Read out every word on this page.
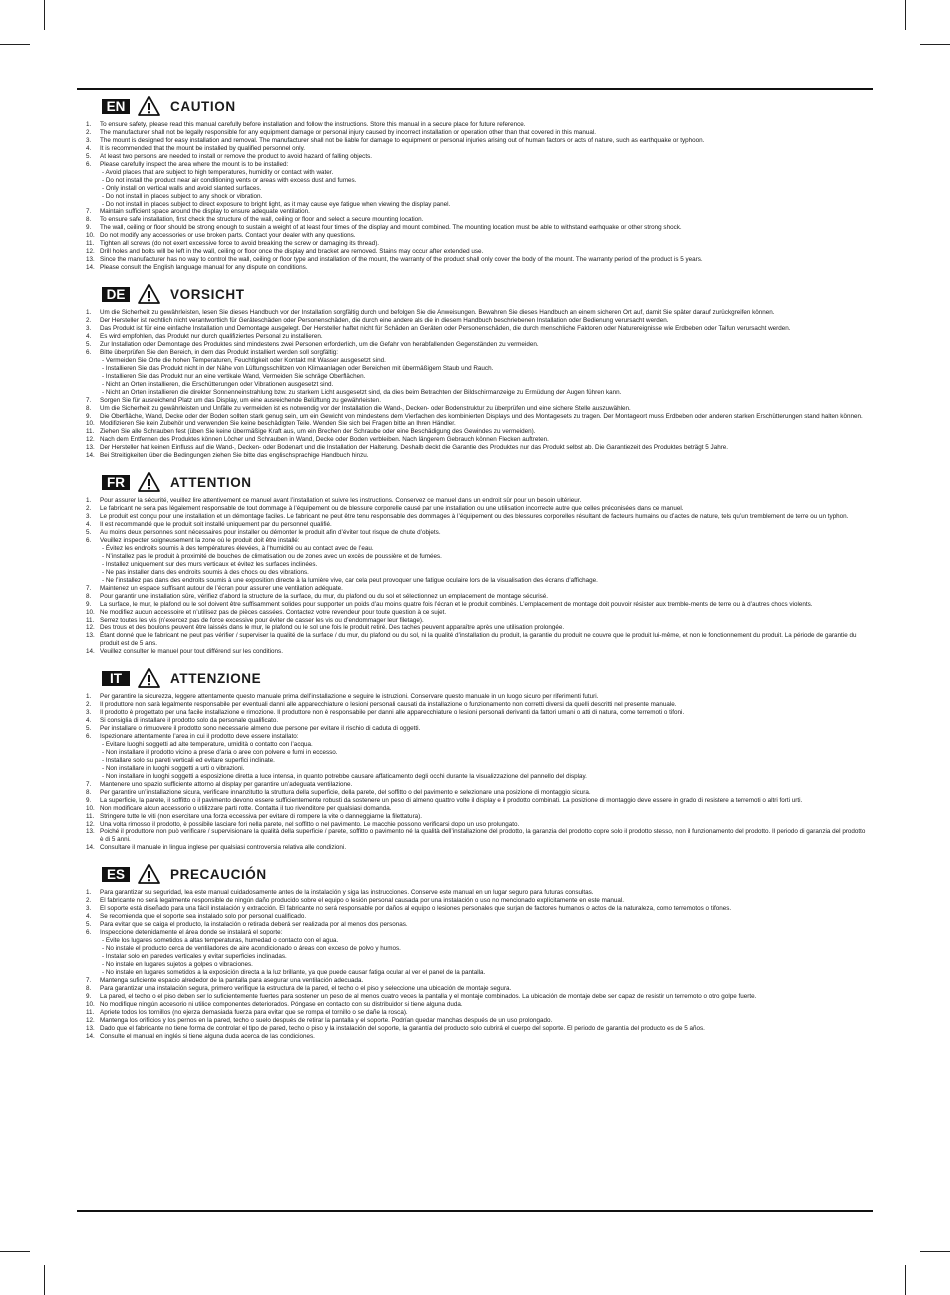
EN	CAUTION
1.	To ensure safety, please read this manual carefully before installation and follow the instructions. Store this manual in a secure place for future reference.
2.	The manufacturer shall not be legally responsible for any equipment damage or personal injury caused by incorrect installation or operation other than that covered in this manual.
3.	The mount is designed for easy installation and removal. The manufacturer shall not be liable for damage to equipment or personal injuries arising out of human factors or acts of nature, such as earthquake or typhoon.
4.	It is recommended that the mount be installed by qualified personnel only.
5.	At least two persons are needed to install or remove the product to avoid hazard of falling objects.
6.	Please carefully inspect the area where the mount is to be installed:
- Avoid places that are subject to high temperatures, humidity or contact with water.
- Do not install the product near air conditioning vents or areas with excess dust and fumes.
- Only install on vertical walls and avoid slanted surfaces.
- Do not install in places subject to any shock or vibration.
- Do not install in places subject to direct exposure to bright light, as it may cause eye fatigue when viewing the display panel.
7.	Maintain sufficient space around the display to ensure adequate ventilation.
8.	To ensure safe installation, first check the structure of the wall, ceiling or floor and select a secure mounting location.
9.	The wall, ceiling or floor should be strong enough to sustain a weight of at least four times of the display and mount combined. The mounting location must be able to withstand earhquake or other strong shock.
10. Do not modify any accessories or use broken parts. Contact your dealer with any questions.
11. Tighten all screws (do not exert excessive force to avoid breaking the screw or damaging its thread).
12. Drill holes and bolts will be left in the wall, ceiling or floor once the display and bracket are removed. Stains may occur after extended use.
13. Since the manufacturer has no way to control the wall, ceiling or floor type and installation of the mount, the warranty of the product shall only cover the body of the mount. The warranty period of the product is 5 years.
14. Please consult the English language manual for any dispute on conditions.
DE	VORSICHT
1.	Um die Sicherheit zu gewährleisten, lesen Sie dieses Handbuch vor der Installation sorgfältig durch und befolgen Sie die Anweisungen. Bewahren Sie dieses Handbuch an einem sicheren Ort auf, damit Sie später darauf zurückgreifen können.
2.	Der Hersteller ist rechtlich nicht verantwortlich für Geräteschäden oder Personenschäden, die durch eine andere als die in diesem Handbuch beschriebenen Installation oder Bedienung verursacht werden.
3.	Das Produkt ist für eine einfache Installation und Demontage ausgelegt. Der Hersteller haftet nicht für Schäden an Geräten oder Personenschäden, die durch menschliche Faktoren oder Naturereignisse wie Erdbeben oder Taifun verursacht werden.
4.	Es wird empfohlen, das Produkt nur durch qualifiziertes Personal zu installieren.
5.	Zur Installation oder Demontage des Produktes sind mindestens zwei Personen erforderlich, um die Gefahr von herabfallenden Gegenständen zu vermeiden.
6.	Bitte überprüfen Sie den Bereich, in dem das Produkt installiert werden soll sorgfältig:
- Vermeiden Sie Orte die hohen Temperaturen, Feuchtigkeit oder Kontakt mit Wasser ausgesetzt sind.
- Installieren Sie das Produkt nicht in der Nähe von Lüftungsschlitzen von Klimaanlagen oder Bereichen mit übermäßigem Staub und Rauch.
- Installieren Sie das Produkt nur an eine vertikale Wand, Vermeiden Sie schräge Oberflächen.
- Nicht an Orten installieren, die Erschütterungen oder Vibrationen ausgesetzt sind.
- Nicht an Orten installieren die direkter Sonnenneinstrahlung bzw. zu starkem Licht ausgesetzt sind, da dies beim Betrachten der Bildschirmanzeige zu Ermüdung der Augen führen kann.
7.	Sorgen Sie für ausreichend Platz um das Display, um eine ausreichende Belüftung zu gewährleisten.
8.	Um die Sicherheit zu gewährleisten und Unfälle zu vermeiden ist es notwendig vor der Installation die Wand-, Decken- oder Bodenstruktur zu überprüfen und eine sichere Stelle auszuwählen.
9.	Die Oberfläche, Wand, Decke oder der Boden sollten stark genug sein, um ein Gewicht von mindestens dem Vierfachen des kombinierten Displays und des Montagesets zu tragen. Der Montageort muss Erdbeben oder anderen starken Erschütterungen stand halten können.
10. Modifizieren Sie kein Zubehör und verwenden Sie keine beschädigten Teile. Wenden Sie sich bei Fragen bitte an Ihren Händler.
11. Ziehen Sie alle Schrauben fest (üben Sie keine übermäßige Kraft aus, um ein Brechen der Schraube oder eine Beschädigung des Gewindes zu vermeiden).
12. Nach dem Entfernen des Produktes können Löcher und Schrauben in Wand, Decke oder Boden verbleiben. Nach längerem Gebrauch können Flecken auftreten.
13. Der Hersteller hat keinen Einfluss auf die Wand-, Decken- oder Bodenart und die Installation der Halterung. Deshalb deckt die Garantie des Produktes nur das Produkt selbst ab. Die Garantiezeit des Produktes beträgt 5 Jahre.
14. Bei Streitigkeiten über die Bedingungen ziehen Sie bitte das englischsprachige Handbuch hinzu.
FR	ATTENTION
1.	Pour assurer la sécurité, veuillez lire attentivement ce manuel avant l’installation et suivre les instructions. Conservez ce manuel dans un endroit sûr pour un besoin ultérieur.
2.	Le fabricant ne sera pas légalement responsable de tout dommage à l’équipement ou de blessure corporelle causé par une installation ou une utilisation incorrecte autre que celles préconisées dans ce manuel.
3.	Le produit est conçu pour une installation et un démontage faciles. Le fabricant ne peut être tenu responsable des dommages à l’équipement ou des blessures corporelles résultant de facteurs humains ou d’actes de nature, tels qu’un tremblement de terre ou un typhon.
4.	Il est recommandé que le produit soit installé uniquement par du personnel qualifié.
5.	Au moins deux personnes sont nécessaires pour installer ou démonter le produit afin d’éviter tout risque de chute d’objets.
6.	Veuillez inspecter soigneusement la zone où le produit doit être installé:
- Évitez les endroits soumis à des températures élevées, à l’humidité ou au contact avec de l’eau.
- N’installez pas le produit à proximité de bouches de climatisation ou de zones avec un excès de poussière et de fumées.
- Installez uniquement sur des murs verticaux et évitez les surfaces inclinées.
- Ne pas installer dans des endroits soumis à des chocs ou des vibrations.
- Ne l’installez pas dans des endroits soumis à une exposition directe à la lumière vive, car cela peut provoquer une fatigue oculaire lors de la visualisation des écrans d’affichage.
7.	Maintenez un espace suffisant autour de l’écran pour assurer une ventilation adéquate.
8.	Pour garantir une installation sûre, vérifiez d’abord la structure de la surface, du mur, du plafond ou du sol et sélectionnez un emplacement de montage sécurisé.
9.	La surface, le mur, le plafond ou le sol doivent être suffisamment solides pour supporter un poids d’au moins quatre fois l’écran et le produit combinés. L’emplacement de montage doit pouvoir résister aux tremble-ments de terre ou à d’autres chocs violents.
10. Ne modifiez aucun accessoire et n’utilisez pas de pièces cassées. Contactez votre revendeur pour toute question à ce sujet.
11. Serrez toutes les vis (n’exercez pas de force excessive pour éviter de casser les vis ou d’endommager leur filetage).
12. Des trous et des boulons peuvent être laissés dans le mur, le plafond ou le sol une fois le produit retiré. Des taches peuvent apparaître après une utilisation prolongée.
13. Étant donné que le fabricant ne peut pas vérifier / superviser la qualité de la surface / du mur, du plafond ou du sol, ni la qualité d’installation du produit, la garantie du produit ne couvre que le produit lui-même, et non le fonctionnement du produit. La période de garantie du produit est de 5 ans.
14. Veuillez consulter le manuel pour tout différend sur les conditions.
IT	ATTENZIONE
1.	Per garantire la sicurezza, leggere attentamente questo manuale prima dell’installazione e seguire le istruzioni. Conservare questo manuale in un luogo sicuro per riferimenti futuri.
2.	Il produttore non sarà legalmente responsabile per eventuali danni alle apparecchiature o lesioni personali causati da installazione o funzionamento non corretti diversi da quelli descritti nel presente manuale.
3.	Il prodotto è progettato per una facile installazione e rimozione. Il produttore non è responsabile per danni alle apparecchiature o lesioni personali derivanti da fattori umani o atti di natura, come terremoti o tifoni.
4.	Si consiglia di installare il prodotto solo da personale qualificato.
5.	Per installare o rimuovere il prodotto sono necessarie almeno due persone per evitare il rischio di caduta di oggetti.
6.	Ispezionare attentamente l’area in cui il prodotto deve essere installato:
- Evitare luoghi soggetti ad alte temperature, umidità o contatto con l’acqua.
- Non installare il prodotto vicino a prese d’aria o aree con polvere e fumi in eccesso.
- Installare solo su pareti verticali ed evitare superfici inclinate.
- Non installare in luoghi soggetti a urti o vibrazioni.
- Non installare in luoghi soggetti a esposizione diretta a luce intensa, in quanto potrebbe causare affaticamento degli occhi durante la visualizzazione del pannello del display.
7.	Mantenere uno spazio sufficiente attorno al display per garantire un’adeguata ventilazione.
8.	Per garantire un’installazione sicura, verificare innanzitutto la struttura della superficie, della parete, del soffitto o del pavimento e selezionare una posizione di montaggio sicura.
9.	La superficie, la parete, il soffitto o il pavimento devono essere sufficientemente robusti da sostenere un peso di almeno quattro volte il display e il prodotto combinati. La posizione di montaggio deve essere in grado di resistere a terremoti o altri forti urti.
10. Non modificare alcun accessorio o utilizzare parti rotte. Contatta il tuo rivenditore per qualsiasi domanda.
11. Stringere tutte le viti (non esercitare una forza eccessiva per evitare di rompere la vite o danneggiarne la filettatura).
12. Una volta rimosso il prodotto, è possibile lasciare fori nella parete, nel soffitto o nel pavimento. Le macchie possono verificarsi dopo un uso prolungato.
13. Poiché il produttore non può verificare / supervisionare la qualità della superficie / parete, soffitto o pavimento né la qualità dell’installazione del prodotto, la garanzia del prodotto copre solo il prodotto stesso, non il funzionamento del prodotto. Il periodo di garanzia del prodotto è di 5 anni.
14. Consultare il manuale in lingua inglese per qualsiasi controversia relativa alle condizioni.
ES	PRECAUCIÓN
1.	Para garantizar su seguridad, lea este manual cuidadosamente antes de la instalación y siga las instrucciones. Conserve este manual en un lugar seguro para futuras consultas.
2.	El fabricante no será legalmente responsible de ningún daño producido sobre el equipo o lesión personal causada por una instalación o uso no mencionado explícitamente en este manual.
3.	El soporte está diseñado para una fácil instalación y extracción. El fabricante no será responsable por daños al equipo o lesiones personales que surjan de factores humanos o actos de la naturaleza, como terremotos o tifones.
4.	Se recomienda que el soporte sea instalado solo por personal cualificado.
5.	Para evitar que se caiga el producto, la instalación o retirada deberá ser realizada por al menos dos personas.
6.	Inspeccione detenidamente el área donde se instalará el soporte:
- Evite los lugares sometidos a altas temperaturas, humedad o contacto con el agua.
- No instale el producto cerca de ventiladores de aire acondicionado o áreas con exceso de polvo y humos.
- Instalar solo en paredes verticales y evitar superficies inclinadas.
- No instale en lugares sujetos a golpes o vibraciones.
- No instale en lugares sometidos a la exposición directa a la luz brillante, ya que puede causar fatiga ocular al ver el panel de la pantalla.
7.	Mantenga suficiente espacio alrededor de la pantalla para asegurar una ventilación adecuada.
8.	Para garantizar una instalación segura, primero verifique la estructura de la pared, el techo o el piso y seleccione una ubicación de montaje segura.
9.	La pared, el techo o el piso deben ser lo suficientemente fuertes para sostener un peso de al menos cuatro veces la pantalla y el montaje combinados. La ubicación de montaje debe ser capaz de resistir un terremoto o otro golpe fuerte.
10. No modifique ningún accesorio ni utilice componentes deteriorados. Póngase en contacto con su distribuidor si tiene alguna duda.
11. Apriete todos los tornillos (no ejerza demasiada fuerza para evitar que se rompa el tornillo o se dañe la rosca).
12. Mantenga los orificios y los pernos en la pared, techo o suelo después de retirar la pantalla y el soporte. Podrían quedar manchas después de un uso prolongado.
13. Dado que el fabricante no tiene forma de controlar el tipo de pared, techo o piso y la instalación del soporte, la garantía del producto solo cubrirá el cuerpo del soporte. El periodo de garantía del producto es de 5 años.
14. Consulte el manual en inglés si tiene alguna duda acerca de las condiciones.
